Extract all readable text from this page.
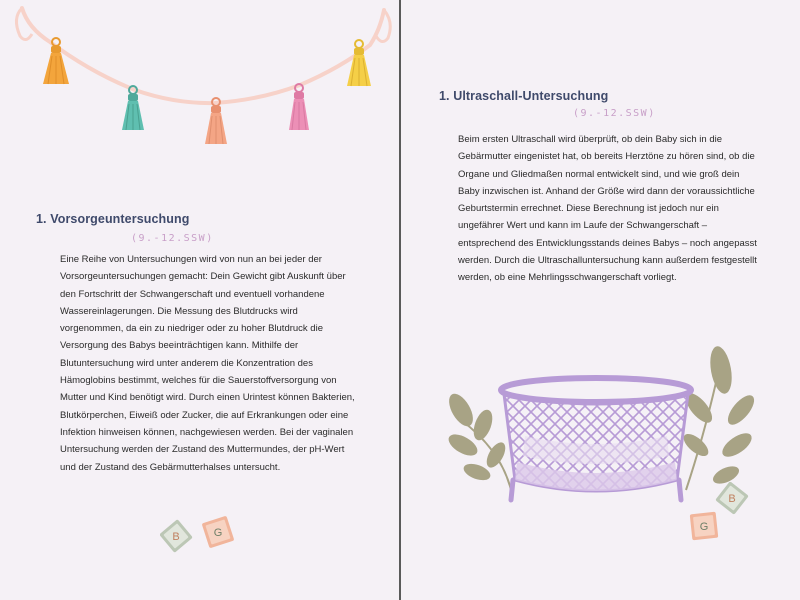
1. Vorsorgeuntersuchung
(9.-12.SSW)

Eine Reihe von Untersuchungen wird von nun an bei jeder der Vorsorgeuntersuchungen gemacht: Dein Gewicht gibt Auskunft über den Fortschritt der Schwangerschaft und eventuell vorhandene Wassereinlagerungen. Die Messung des Blutdrucks wird vorgenommen, da ein zu niedriger oder zu hoher Blutdruck die Versorgung des Babys beeinträchtigen kann. Mithilfe der Blutuntersuchung wird unter anderem die Konzentration des Hämoglobins bestimmt, welches für die Sauerstoffversorgung von Mutter und Kind benötigt wird. Durch einen Urintest können Bakterien, Blutkörperchen, Eiweiß oder Zucker, die auf Erkrankungen oder eine Infektion hinweisen können, nachgewiesen werden. Bei der vaginalen Untersuchung werden der Zustand des Muttermundes, der pH-Wert und der Zustand des Gebärmutterhalses untersucht.

B	G
1. Ultraschall-Untersuchung
(9.-12.SSW)

Beim ersten Ultraschall wird überprüft, ob dein Baby sich in die Gebärmutter eingenistet hat, ob bereits Herztöne zu hören sind, ob die Organe und Gliedmaßen normal entwickelt sind, und wie groß dein Baby inzwischen ist. Anhand der Größe wird dann der voraussichtliche Geburtstermin errechnet. Diese Berechnung ist jedoch nur ein ungefährer Wert und kann im Laufe der Schwangerschaft – entsprechend des Entwicklungsstands deines Babys – noch angepasst werden. Durch die Ultraschalluntersuchung kann außerdem festgestellt werden, ob eine Mehrlingsschwangerschaft vorliegt.

B
G
